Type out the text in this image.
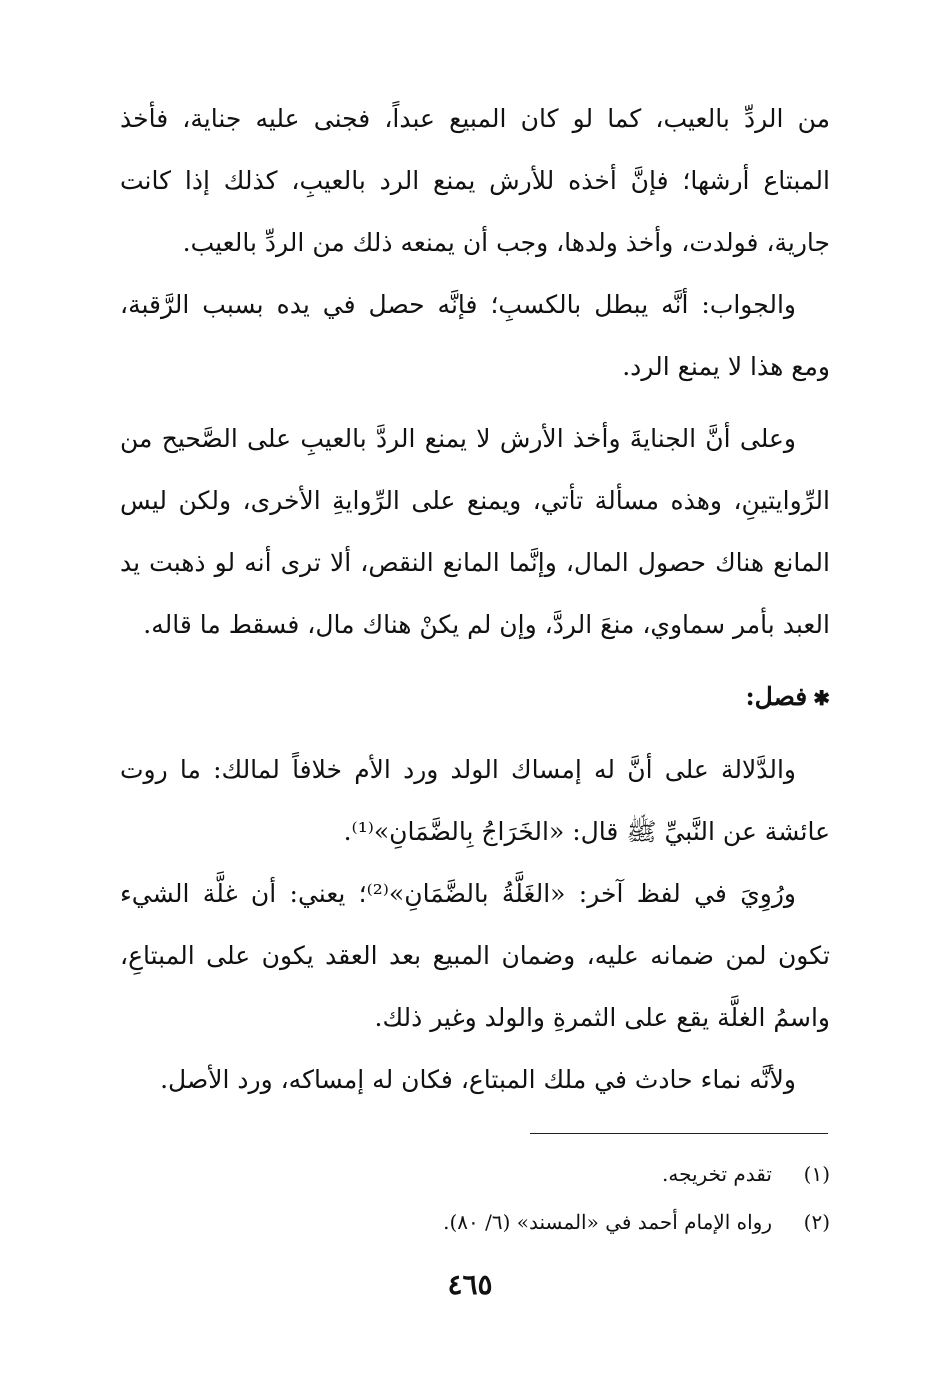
من الردِّ بالعيب، كما لو كان المبيع عبداً، فجنى عليه جناية، فأخذ المبتاع أرشها؛ فإنَّ أخذه للأرش يمنع الرد بالعيبِ، كذلك إذا كانت جارية، فولدت، وأخذ ولدها، وجب أن يمنعه ذلك من الردِّ بالعيب.

والجواب: أنَّه يبطل بالكسبِ؛ فإنَّه حصل في يده بسبب الرَّقبة، ومع هذا لا يمنع الرد.

وعلى أنَّ الجنايةَ وأخذ الأرش لا يمنع الردَّ بالعيبِ على الصَّحيح من الرِّوايتينِ، وهذه مسألة تأتي، ويمنع على الرِّوايةِ الأخرى، ولكن ليس المانع هناك حصول المال، وإنَّما المانع النقص، ألا ترى أنه لو ذهبت يد العبد بأمر سماوي، منعَ الردَّ، وإن لم يكنْ هناك مال، فسقط ما قاله.

✱فصل:

والدَّلالة على أنَّ له إمساك الولد ورد الأم خلافاً لمالك: ما روت عائشة عن النَّبيِّ ﷺ قال: «الخَرَاجُ بِالضَّمَانِ»⁽¹⁾.

ورُوِيَ في لفظ آخر: «الغَلَّةُ بالضَّمَانِ»⁽²⁾؛ يعني: أن غلَّة الشيء تكون لمن ضمانه عليه، وضمان المبيع بعد العقد يكون على المبتاعِ، واسمُ الغلَّة يقع على الثمرةِ والولد وغير ذلك.

ولأنَّه نماء حادث في ملك المبتاع، فكان له إمساكه، ورد الأصل.

(١)تقدم تخريجه.

(٢)رواه الإمام أحمد في «المسند» (٦/ ٨٠).

٤٦٥
